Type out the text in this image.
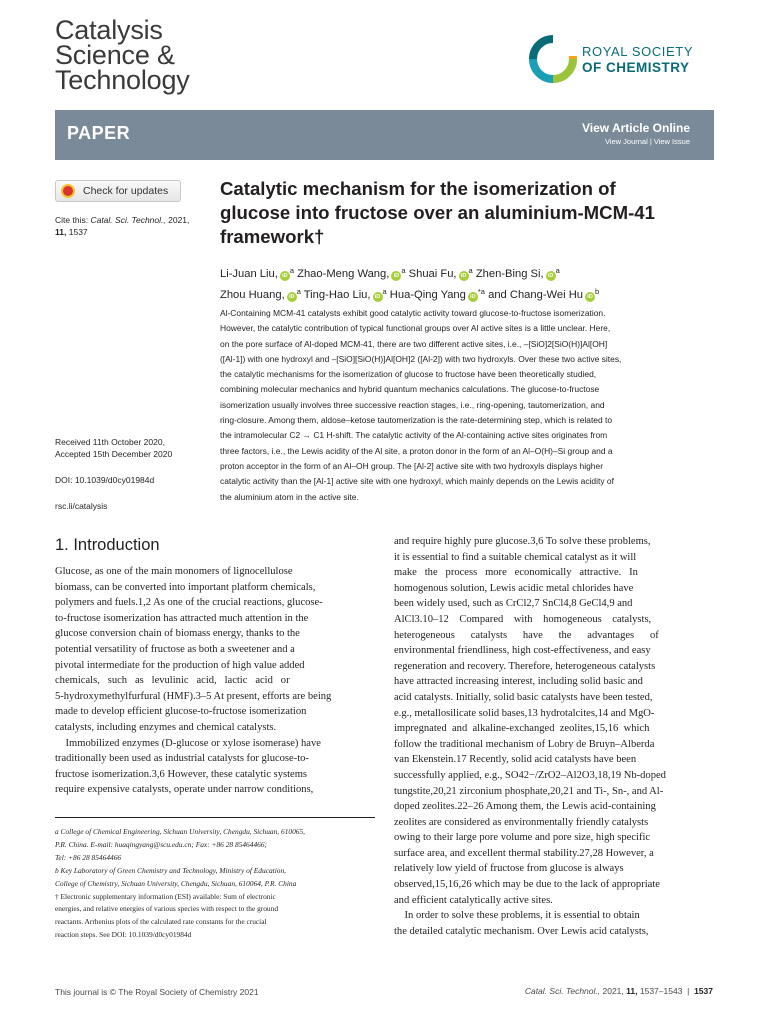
Catalysis
Science &
Technology
ROYAL SOCIETY
OF CHEMISTRY
PAPER	View Article Online
View Journal | View Issue
Check for updates
Cite this: Catal. Sci. Technol., 2021,
11, 1537
Received 11th October 2020,
Accepted 15th December 2020
DOI: 10.1039/d0cy01984d
rsc.li/catalysis
Catalytic mechanism for the isomerization of
glucose into fructose over an aluminium-MCM-41
framework†
Li-Juan Liu, $iD^a$ Zhao-Meng Wang, $iD^a$ Shuai Fu, $iD^a$ Zhen-Bing Si, $iD^a$
Zhou Huang, $iD^a$ Ting-Hao Liu, $iD^a$ Hua-Qing Yang $iD^{*a}$ and Chang-Wei Hu $iD^b$
Al-Containing MCM-41 catalysts exhibit good catalytic activity toward glucose-to-fructose isomerization.
However, the catalytic contribution of typical functional groups over Al active sites is a little unclear. Here,
on the pore surface of Al-doped MCM-41, there are two different active sites, i.e., –[SiO]2[SiO(H)]Al[OH]
([Al-1]) with one hydroxyl and –[SiO][SiO(H)]Al[OH]2 ([Al-2]) with two hydroxyls. Over these two active sites,
the catalytic mechanisms for the isomerization of glucose to fructose have been theoretically studied,
combining molecular mechanics and hybrid quantum mechanics calculations. The glucose-to-fructose
isomerization usually involves three successive reaction stages, i.e., ring-opening, tautomerization, and
ring-closure. Among them, aldose–ketose tautomerization is the rate-determining step, which is related to
the intramolecular C2 → C1 H-shift. The catalytic activity of the Al-containing active sites originates from
three factors, i.e., the Lewis acidity of the Al site, a proton donor in the form of an Al–O(H)–Si group and a
proton acceptor in the form of an Al–OH group. The [Al-2] active site with two hydroxyls displays higher
catalytic activity than the [Al-1] active site with one hydroxyl, which mainly depends on the Lewis acidity of
the aluminium atom in the active site.
1. Introduction
Glucose, as one of the main monomers of lignocellulose
biomass, can be converted into important platform chemicals,
polymers and fuels.1,2 As one of the crucial reactions, glucose-
to-fructose isomerization has attracted much attention in the
glucose conversion chain of biomass energy, thanks to the
potential versatility of fructose as both a sweetener and a
pivotal intermediate for the production of high value added
chemicals,   such   as   levulinic   acid,   lactic   acid   or
5-hydroxymethylfurfural (HMF).3–5 At present, efforts are being
made to develop efficient glucose-to-fructose isomerization
catalysts, including enzymes and chemical catalysts.
Immobilized enzymes (D-glucose or xylose isomerase) have
traditionally been used as industrial catalysts for glucose-to-
fructose isomerization.3,6 However, these catalytic systems
require expensive catalysts, operate under narrow conditions,
a College of Chemical Engineering, Sichuan University, Chengdu, Sichuan, 610065,
P.R. China. E-mail: huaqingyang@scu.edu.cn; Fax: +86 28 85464466;
Tel: +86 28 85464466
b Key Laboratory of Green Chemistry and Technology, Ministry of Education,
College of Chemistry, Sichuan University, Chengdu, Sichuan, 610064, P.R. China
† Electronic supplementary information (ESI) available: Sum of electronic
energies, and relative energies of various species with respect to the ground
reactants. Arrhenius plots of the calculated rate constants for the crucial
reaction steps. See DOI: 10.1039/d0cy01984d
and require highly pure glucose.3,6 To solve these problems,
it is essential to find a suitable chemical catalyst as it will
make   the   process   more   economically   attractive.   In
homogenous solution, Lewis acidic metal chlorides have
been widely used, such as CrCl2,7 SnCl4,8 GeCl4,9 and
AlCl3.10–12    Compared    with    homogeneous    catalysts,
heterogeneous      catalysts      have      the      advantages      of
environmental friendliness, high cost-effectiveness, and easy
regeneration and recovery. Therefore, heterogeneous catalysts
have attracted increasing interest, including solid basic and
acid catalysts. Initially, solid basic catalysts have been tested,
e.g., metallosilicate solid bases,13 hydrotalcites,14 and MgO-
impregnated  and  alkaline-exchanged  zeolites,15,16  which
follow the traditional mechanism of Lobry de Bruyn–Alberda
van Ekenstein.17 Recently, solid acid catalysts have been
successfully applied, e.g., SO42−/ZrO2–Al2O3,18,19 Nb-doped
tungstite,20,21 zirconium phosphate,20,21 and Ti-, Sn-, and Al-
doped zeolites.22–26 Among them, the Lewis acid-containing
zeolites are considered as environmentally friendly catalysts
owing to their large pore volume and pore size, high specific
surface area, and excellent thermal stability.27,28 However, a
relatively low yield of fructose from glucose is always
observed,15,16,26 which may be due to the lack of appropriate
and efficient catalytically active sites.
In order to solve these problems, it is essential to obtain
the detailed catalytic mechanism. Over Lewis acid catalysts,
This journal is © The Royal Society of Chemistry 2021	Catal. Sci. Technol., 2021, 11, 1537–1543  |  1537
